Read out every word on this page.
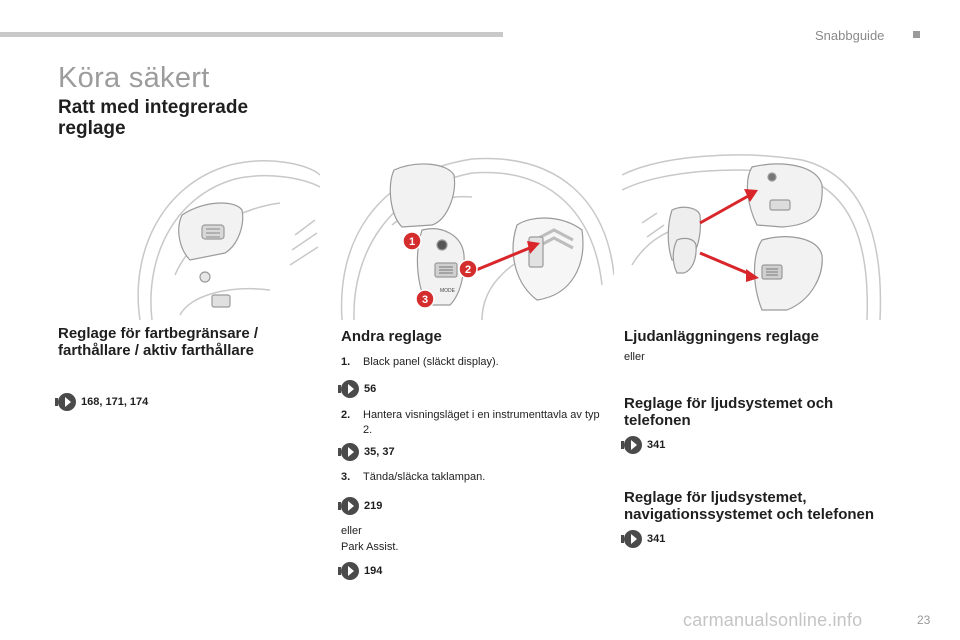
Snabbguide
Köra säkert
Ratt med integrerade reglage
MODE
1
2
3
Reglage för fartbegränsare / farthållare / aktiv farthållare
168, 171, 174
Andra reglage
1.	Black panel (släckt display).
56
2.	Hantera visningsläget i en instrumenttavla av typ 2.
35, 37
3.	Tända/släcka taklampan.
219
eller
Park Assist.
194
Ljudanläggningens reglage
eller
Reglage för ljudsystemet och telefonen
341
Reglage för ljudsystemet, navigationssystemet och telefonen
341
carmanualsonline.info	23
